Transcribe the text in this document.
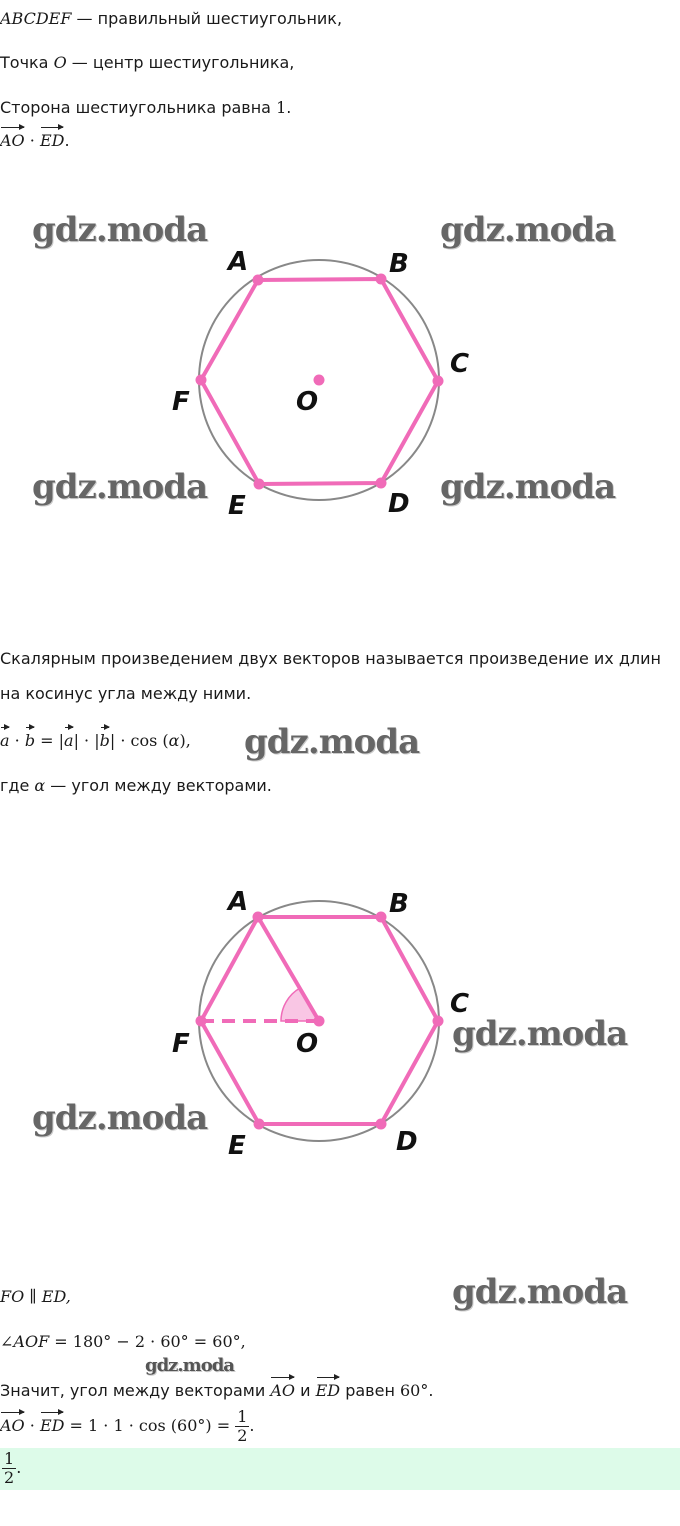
ABCDEF — правильный шестиугольник,
Точка O — центр шестиугольника,
Сторона шестиугольника равна 1.
AO · ED.
A	B
C
D
E
F	O
gdz.moda	gdz.moda
gdz.moda	gdz.moda
Скалярным произведением двух векторов называется произведение их длин
на косинус угла между ними.
a · b = |a| · |b| · cos (α), gdz.moda
где α — угол между векторами.
A	B
C
D
E
F	O	gdz.moda
gdz.moda
FO ∥ ED,	gdz.moda
∠AOF = 180° − 2 · 60° = 60°,
gdz.moda
Значит, угол между векторами AO и ED равен 60°.
AO · ED = $1 \cdot 1 \cdot \cos (60^\circ) = \frac{1}{2}$ .
$\frac{1}{2}$ .
